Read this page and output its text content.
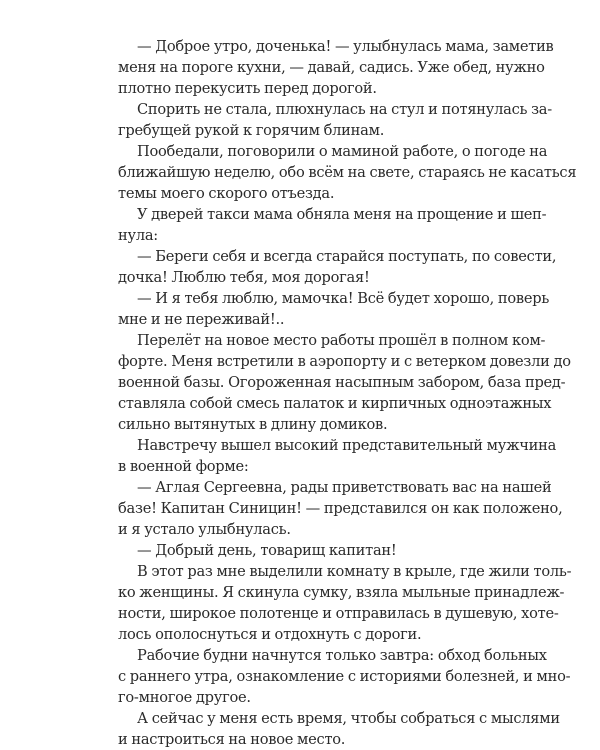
— Доброе утро, доченька! — улыбнулась мама, заметив
меня на пороге кухни, — давай, садись. Уже обед, нужно
плотно перекусить перед дорогой.
Спорить не стала, плюхнулась на стул и потянулась за-
гребущей рукой к горячим блинам.
Пообедали, поговорили о маминой работе, о погоде на
ближайшую неделю, обо всём на свете, стараясь не касаться
темы моего скорого отъезда.
У дверей такси мама обняла меня на прощение и шеп-
нула:
— Береги себя и всегда старайся поступать, по совести,
дочка! Люблю тебя, моя дорогая!
— И я тебя люблю, мамочка! Всё будет хорошо, поверь
мне и не переживай!..
Перелёт на новое место работы прошёл в полном ком-
форте. Меня встретили в аэропорту и с ветерком довезли до
военной базы. Огороженная насыпным забором, база пред-
ставляла собой смесь палаток и кирпичных одноэтажных
сильно вытянутых в длину домиков.
Навстречу вышел высокий представительный мужчина
в военной форме:
— Аглая Сергеевна, рады приветствовать вас на нашей
базе! Капитан Синицин! — представился он как положено,
и я устало улыбнулась.
— Добрый день, товарищ капитан!
В этот раз мне выделили комнату в крыле, где жили толь-
ко женщины. Я скинула сумку, взяла мыльные принадлеж-
ности, широкое полотенце и отправилась в душевую, хоте-
лось ополоснуться и отдохнуть с дороги.
Рабочие будни начнутся только завтра: обход больных
с раннего утра, ознакомление с историями болезней, и мно-
го-многое другое.
А сейчас у меня есть время, чтобы собраться с мыслями
и настроиться на новое место.
